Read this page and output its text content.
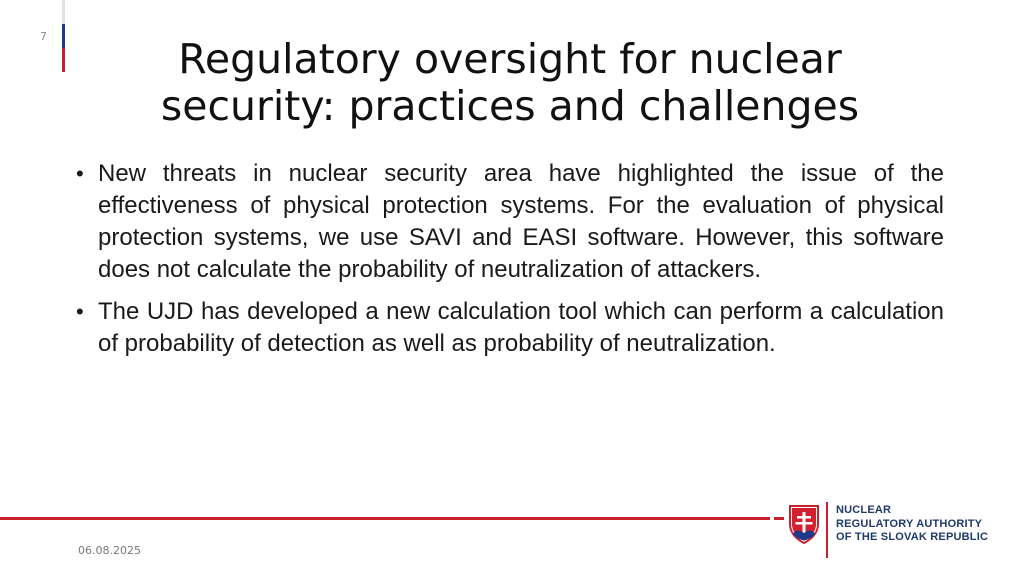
7	Regulatory oversight for nuclear security: practices and challenges
• New threats in nuclear security area have highlighted the issue of the effectiveness of physical protection systems. For the evaluation of physical protection systems, we use SAVI and EASI software. However, this software does not calculate the probability of neutralization of attackers.
• The UJD has developed a new calculation tool which can perform a calculation of probability of detection as well as probability of neutralization.
06.08.2025
NUCLEAR
REGULATORY AUTHORITY
OF THE SLOVAK REPUBLIC
